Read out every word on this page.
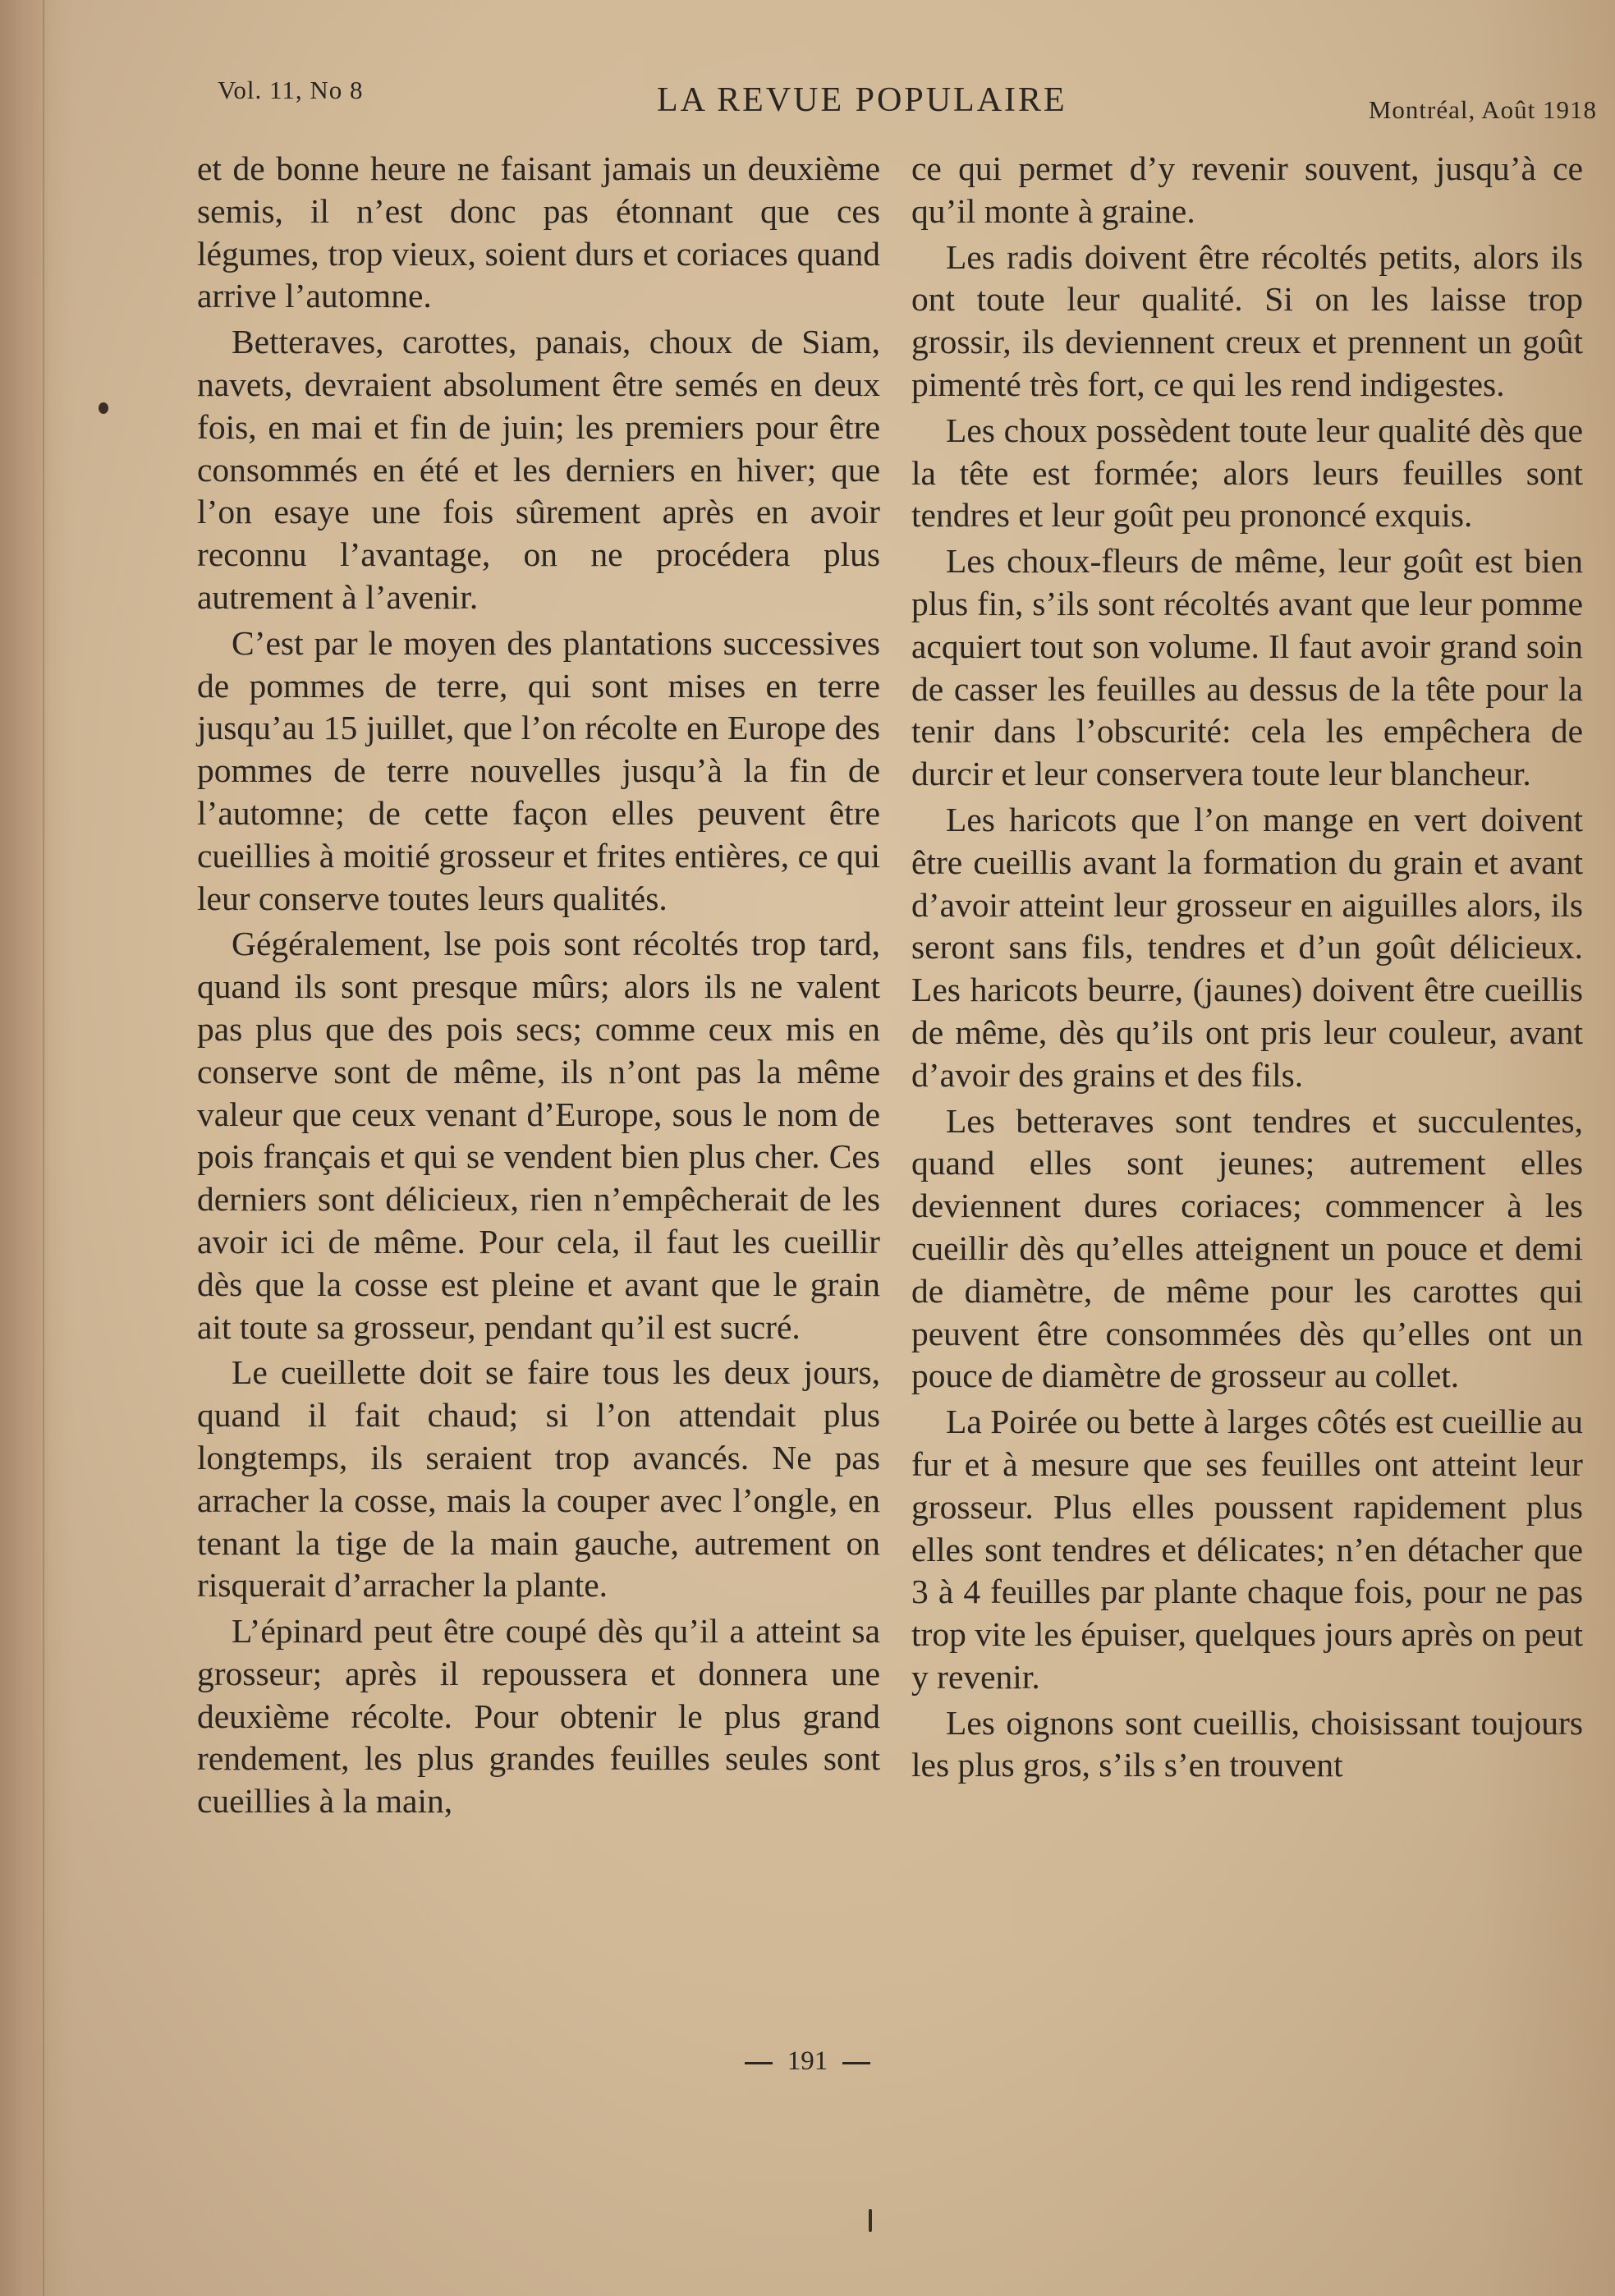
Vol. 11, No 8	LA REVUE POPULAIRE	Montréal, Août 1918

et de bonne heure ne faisant jamais un deuxième semis, il n’est donc pas étonnant que ces légumes, trop vieux, soient durs et coriaces quand arrive l’automne.

Betteraves, carottes, panais, choux de Siam, navets, devraient absolument être semés en deux fois, en mai et fin de juin; les premiers pour être consommés en été et les derniers en hiver; que l’on esaye une fois sûrement après en avoir reconnu l’avantage, on ne procédera plus autrement à l’avenir.

C’est par le moyen des plantations successives de pommes de terre, qui sont mises en terre jusqu’au 15 juillet, que l’on récolte en Europe des pommes de terre nouvelles jusqu’à la fin de l’automne; de cette façon elles peuvent être cueillies à moitié grosseur et frites entières, ce qui leur conserve toutes leurs qualités.

Gégéralement, lse pois sont récoltés trop tard, quand ils sont presque mûrs; alors ils ne valent pas plus que des pois secs; comme ceux mis en conserve sont de même, ils n’ont pas la même valeur que ceux venant d’Europe, sous le nom de pois français et qui se vendent bien plus cher. Ces derniers sont délicieux, rien n’empêcherait de les avoir ici de même. Pour cela, il faut les cueillir dès que la cosse est pleine et avant que le grain ait toute sa grosseur, pendant qu’il est sucré.

Le cueillette doit se faire tous les deux jours, quand il fait chaud; si l’on attendait plus longtemps, ils seraient trop avancés. Ne pas arracher la cosse, mais la couper avec l’ongle, en tenant la tige de la main gauche, autrement on risquerait d’arracher la plante.

L’épinard peut être coupé dès qu’il a atteint sa grosseur; après il repoussera et donnera une deuxième récolte. Pour obtenir le plus grand rendement, les plus grandes feuilles seules sont cueillies à la main,

ce qui permet d’y revenir souvent, jusqu’à ce qu’il monte à graine.

Les radis doivent être récoltés petits, alors ils ont toute leur qualité. Si on les laisse trop grossir, ils deviennent creux et prennent un goût pimenté très fort, ce qui les rend indigestes.

Les choux possèdent toute leur qualité dès que la tête est formée; alors leurs feuilles sont tendres et leur goût peu prononcé exquis.

Les choux-fleurs de même, leur goût est bien plus fin, s’ils sont récoltés avant que leur pomme acquiert tout son volume. Il faut avoir grand soin de casser les feuilles au dessus de la tête pour la tenir dans l’obscurité: cela les empêchera de durcir et leur conservera toute leur blancheur.

Les haricots que l’on mange en vert doivent être cueillis avant la formation du grain et avant d’avoir atteint leur grosseur en aiguilles alors, ils seront sans fils, tendres et d’un goût délicieux. Les haricots beurre, (jaunes) doivent être cueillis de même, dès qu’ils ont pris leur couleur, avant d’avoir des grains et des fils.

Les betteraves sont tendres et succulentes, quand elles sont jeunes; autrement elles deviennent dures coriaces; commencer à les cueillir dès qu’elles atteignent un pouce et demi de diamètre, de même pour les carottes qui peuvent être consommées dès qu’elles ont un pouce de diamètre de grosseur au collet.

La Poirée ou bette à larges côtés est cueillie au fur et à mesure que ses feuilles ont atteint leur grosseur. Plus elles poussent rapidement plus elles sont tendres et délicates; n’en détacher que 3 à 4 feuilles par plante chaque fois, pour ne pas trop vite les épuiser, quelques jours après on peut y revenir.

Les oignons sont cueillis, choisissant toujours les plus gros, s’ils s’en trouvent

191
